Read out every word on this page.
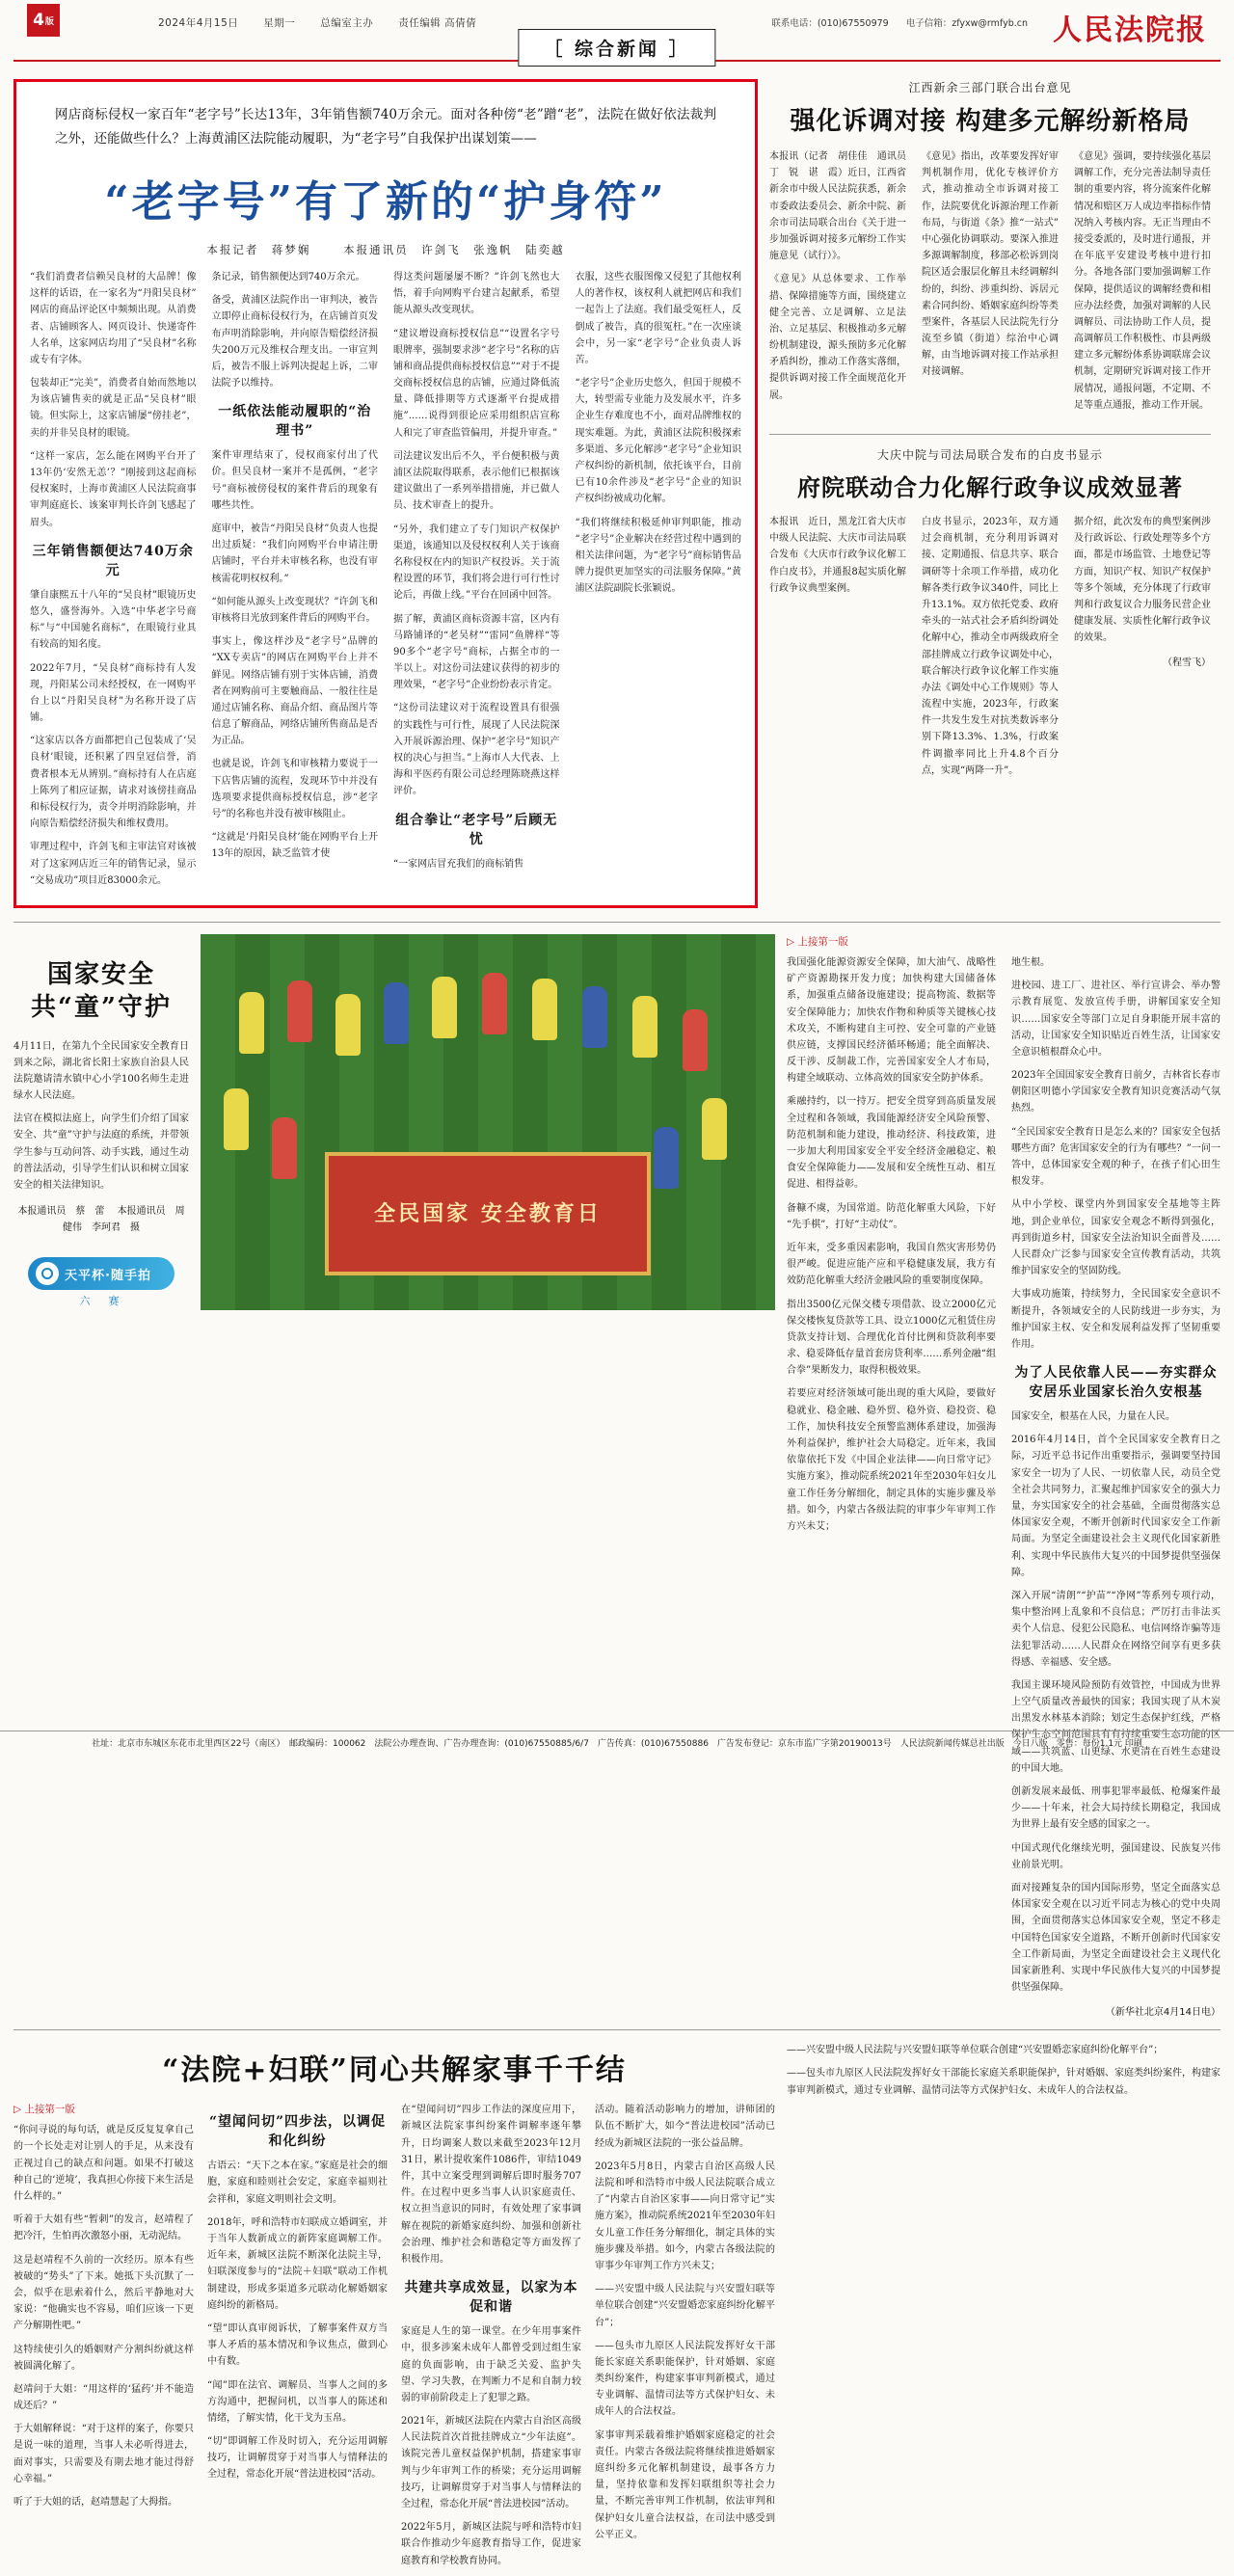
4 版	2024年4月15日 星期一 总编室主办 责任编辑 高倩倩	联系电话：(010)67550979 电子信箱：zfyxw@rmfyb.cn 人民法院报
［ 综合新闻 ］
网店商标侵权一家百年“老字号”长达13年，3年销售额740万余元。面对各种傍“老”蹭“老”，法院在做好依法裁判之外，还能做些什么？上海黄浦区法院能动履职，为“老字号”自我保护出谋划策——
“老字号”有了新的“护身符”
本报记者　蒋梦娴	本报通讯员　许剑飞　张逸帆　陆奕越

“我们消费者信赖吴良材的大品牌！像这样的话语，在一家名为“丹阳吴良材”网店的商品评论区中频频出现。从消费者、店铺顾客人、网页设计、快递寄件人名单，这家网店均用了“吴良材”名称或专有字体。

包装却正“完美”，消费者自始而然地以为该店铺售卖的就是正品“吴良材”眼镜。但实际上，这家店铺屡“傍挂老”，卖的并非吴良材的眼镜。

“这样一家店，怎么能在网购平台开了13年仍‘安然无恙’？”刚接到这起商标侵权案时，上海市黄浦区人民法院商事审判庭庭长、该案审判长许剑飞感起了眉头。

三年销售额便达740万余元

肇自康熙五十八年的“吴良材”眼镜历史悠久，盛誉海外。入选“中华老字号商标”与“中国驰名商标”，在眼镜行业具有较高的知名度。

2022年7月，“吴良材”商标持有人发现，丹阳某公司未经授权，在一网购平台上以“丹阳吴良材”为名称开设了店铺。

“这家店以各方面都把自己包装成了‘吴良材’眼镜，还积累了四皇冠信誉，消费者根本无从辨别。”商标持有人在店庭上陈列了相应证据，请求对该傍挂商品和标侵权行为，责令并明消除影响，并向原告赔偿经济损失和维权费用。

审理过程中，许剑飞和主审法官对该被对了这家网店近三年的销售记录，显示“交易成功”项目近83000余元。

条记录，销售额便达到740万余元。

备受，黄浦区法院作出一审判决，被告立即停止商标侵权行为，在店铺首页发布声明消除影响，并向原告赔偿经济损失200万元及维权合理支出。一审宣判后，被告不服上诉判决提起上诉，二审法院予以维持。

一纸依法能动履职的“治理书”

案件审理结束了，侵权商家付出了代价。但吴良材一案并不是孤例，“老字号”商标被傍侵权的案件背后的现象有哪些共性。

庭审中，被告“丹阳吴良材”负责人也提出过质疑：“我们向网购平台申请注册店铺时，平台并未审核名称，也没有审核需花明权权利。”

“如何能从源头上改变现状？”许剑飞和审核将目光放到案件背后的网购平台。

事实上，像这样沙及“老字号”品牌的“XX专卖店”的网店在网购平台上并不鲜见。网络店铺有别于实体店铺，消费者在网购前可主要触商品、一般往往是通过店铺名称、商品介绍、商品图片等信息了解商品，网络店铺所售商品是否为正品。

也就是说，许剑飞和审核精力要说于一下店售店铺的流程，发现环节中并没有选项要求提供商标授权信息，涉“老字号”的名称也并没有被审核阻止。

“这就是‘丹阳吴良材’能在网购平台上开13年的原因，缺乏监管才使

得这类问题屡屡不断？”许剑飞然也大悟，着手向网购平台建言起献系，希望能从源头改变现状。

“建议增设商标授权信息”“设置名字号眼牌率，强制要求涉“老字号”名称的店铺和商品提供商标授权信息”“对于不提交商标授权信息的店铺，应通过降低流量、降低排期等方式逐渐平台提成措施”……说得到很论应采用组织店宣称人和完了审查监管偏用，并提升审查。”

司法建议发出后不久，平台便积极与黄浦区法院取得联系，表示他们已根据该建议做出了一系列举措措施，并已做人员、技术审查上的提升。

“另外，我们建立了专门知识产权保护渠道，该通知以及侵权权利人关于该商名称侵权在内的知识产权投诉。关于流程设置的环节，我们将会进行可行性讨论后，再做上线。”平台在回函中回答。

据了解，黄浦区商标资源丰富，区内有马路铺译的“老吴材”“雷同”鱼牌样“等90多个“老字号”商标，占据全市的一半以上。对这份司法建议获得的初步的理效果，“老字号”企业纷纷表示肯定。

“这份司法建议对于流程设置具有很强的实践性与可行性，展现了人民法院深入开展诉源治理、保护“老字号”知识产权的决心与担当。”上海市人大代表、上海和平医药有限公司总经理陈晓燕这样评价。

组合拳让“老字号”后顾无忧

“一家网店冒充我们的商标销售

衣服，这些衣服图像又侵犯了其他权利人的著作权，该权利人就把网店和我们一起告上了法庭。我们最受冤枉人，反倒成了被告，真的很冤枉。”在一次座谈会中，另一家“老字号”企业负责人诉苦。

“老字号”企业历史悠久，但国于规模不大，转型需专业能力及发展水平，许多企业生存难度也不小，面对品牌维权的现实难题。为此，黄浦区法院积极探索多渠道、多元化解涉“老字号”企业知识产权纠纷的新机制，依托该平台，目前已有10余件涉及“老字号”企业的知识产权纠纷被成功化解。

“我们将继续积极延伸审判职能，推动“老字号”企业解决在经营过程中遇到的相关法律问题，为“老字号”商标销售品牌力提供更加坚实的司法服务保障。”黄浦区法院副院长张颖说。

江西新余三部门联合出台意见
强化诉调对接 构建多元解纷新格局

本报讯（记者　胡佳佳　通讯员　丁　锐　谌　霞）近日，江西省新余市中级人民法院获悉，新余市委政法委员会、新余中院、新余市司法局联合出台《关于进一步加强诉调对接多元解纷工作实施意见（试行）》。

《意见》从总体要求、工作举措、保障措施等方面，围绕建立健全完善、立足调解、立足法治、立足基层、积极推动多元解纷机制建设，源头预防多元化解矛盾纠纷，推动工作落实落细，提供诉调对接工作全面规范化开展。

《意见》指出，改革要发挥好审判机制作用，优化专核评价方式，推动推动全市诉调对接工作，法院要优化诉源治理工作新布局，与街道《条》推“一站式”中心强化协调联动。要深入推进多源调解制度，移部必松诉到岗院区适会服层化解且未经调解纠纷的，纠纷、涉重纠纷、诉居元素合同纠纷、婚姻家庭纠纷等类型案件，各基层人民法院先行分流至乡镇（街道）综治中心调解，由当地诉调对接工作站承担对接调解。

《意见》强调，要持续强化基层调解工作，充分完善法制导责任制的重要内容，将分流案件化解情况和赔区万人成边率指标作情况纳入考核内容。无正当理由不接受委派的，及时进行通报，并在年底平安建设考核中进行扣分。各地各部门要加强调解工作保障，提供适议的调解经费和相应办法经费，加强对调解的人民调解员、司法协助工作人员，提高调解员工作积极性、市县两级建立多元解纷体系协调联席会议机制，定期研究诉调对接工作开展情况，通报问题，不定期、不足等重点通报，推动工作开展。

大庆中院与司法局联合发布的白皮书显示
府院联动合力化解行政争议成效显著

本报讯　近日，黑龙江省大庆市中级人民法院、大庆市司法局联合发布《大庆市行政争议化解工作白皮书》，并通报8起实质化解行政争议典型案例。

白皮书显示，2023年，双方通过会商机制，充分利用诉调对接、定期通报、信息共享、联合调研等十余项工作举措，成功化解各类行政争议340件，同比上升13.1%。双方依托党委、政府牵头的一站式社会矛盾纠纷调处化解中心，推动全市两级政府全部挂牌成立行政争议调处中心，联合解决行政争议化解工作实施办法《调处中心工作规则》等人流程中实施，2023年，行政案件一共发生发生对抗类数诉率分别下降13.3%、1.3%，行政案件调撤率同比上升4.8个百分点，实现“两降一升”。

据介绍，此次发布的典型案例涉及行政诉讼、行政处理等多个方面，都是市场监管、土地登记等方面，知识产权、知识产权保护等多个领域，充分体现了行政审判和行政复议合力服务民营企业健康发展、实质性化解行政争议的效果。

（程雪飞）
国家安全
共“童”守护

4月11日，在第九个全民国家安全教育日到来之际，湖北省长阳土家族自治县人民法院邀请清水镇中心小学100名师生走进绿水人民法庭。

法官在模拟法庭上，向学生们介绍了国家安全、共“童”守护与法庭的系统，并带领学生参与互动问答、动手实践，通过生动的普法活动，引导学生们认识和树立国家安全的相关法律知识。

本报通讯员　蔡　蕾　 本报通讯员　周健伟　李珂君　摄
天平杯·随手拍
六　赛
全民国家 安全教育日
▷ 上接第一版

我国强化能源资源安全保障，加大油气、战略性矿产资源勘探开发力度；加快构建大国储备体系，加强重点储备设施建设；提高物流、数据等安全保障能力；加快农作物和种质等关键核心技术攻关，不断构建自主可控、安全可靠的产业链供应链，支撑国民经济循环畅通；能全面解决、反干涉、反制裁工作，完善国家安全人才布局，构建全域联动、立体高效的国家安全防护体系。

乘融持约，以一持万。把安全贯穿到高质量发展全过程和各领域，我国能源经济安全风险预警、防范机制和能力建设，推动经济、科技政策，进一步加大利用国家安全平安全经济金融稳定、粮食安全保障能力——发展和安全统性互动、相互促进、相得益彰。

备糠不虞，为国常道。防范化解重大风险，下好“先手棋”，打好“主动仗”。

近年来，受多重因素影响，我国自然灾害形势仍很严峻。促进应能产应和平稳健康发展，我方有效防范化解重大经济金融风险的重要制度保障。

指出3500亿元保交楼专项借款、设立2000亿元保交楼恢复贷款等工具、设立1000亿元租赁住房贷款支持计划、合理优化首付比例和贷款利率要求、稳妥降低存量首套房贷利率……系列金融“组合拳”果断发力，取得积极效果。

若要应对经济领域可能出现的重大风险，要做好稳就业、稳金融、稳外贸、稳外资、稳投资、稳工作，加快科技安全预警监测体系建设，加强海外利益保护，维护社会大局稳定。近年来，我国依靠依托下发《中国企业法律——向日常守记》实施方案》，推动院系统2021年至2030年妇女儿童工作任务分解细化，制定具体的实施步骤及举措。如今，内蒙古各级法院的审事少年审判工作方兴未艾；

地生根。

进校园、进工厂、进社区、举行宣讲会、举办警示教育展览、发放宣传手册，讲解国家安全知识……国家安全等部门立足自身职能开展丰富的活动，让国家安全知识贴近百姓生活，让国家安全意识植根群众心中。

2023年全国国家安全教育日前夕，吉林省长春市朝阳区明德小学国家安全教育知识竞赛活动气氛热烈。

“全民国家安全教育日是怎么来的？国家安全包括哪些方面？危害国家安全的行为有哪些？”一问一答中，总体国家安全观的种子，在孩子们心田生根发芽。

从中小学校、课堂内外到国家安全基地等主阵地，到企业单位，国家安全观念不断得到强化，再到街道乡村，国家安全法治知识全面普及……人民群众广泛参与国家安全宣传教育活动，共筑维护国家安全的坚固防线。

大事成功施策，持续努力，全民国家安全意识不断提升，各领域安全的人民防线进一步夯实，为维护国家主权、安全和发展利益发挥了坚韧重要作用。

为了人民依靠人民——夯实群众安居乐业国家长治久安根基

国家安全，根基在人民，力量在人民。

2016年4月14日，首个全民国家安全教育日之际，习近平总书记作出重要指示，强调要坚持国家安全一切为了人民、一切依靠人民，动员全党全社会共同努力，汇聚起维护国家安全的强大力量，夯实国家安全的社会基础，全面贯彻落实总体国家安全观，不断开创新时代国家安全工作新局面。为坚定全面建设社会主义现代化国家新胜利、实现中华民族伟大复兴的中国梦提供坚强保障。

深入开展“清朗”“护苗”“净网”等系列专项行动，集中整治网上乱象和不良信息；严厉打击非法买卖个人信息、侵犯公民隐私、电信网络诈骗等违法犯罪活动……人民群众在网络空间享有更多获得感、幸福感、安全感。

我国主课环境风险预防有效管控，中国成为世界上空气质量改善最快的国家；我国实现了从木炭出黑发水林基本消除；划定生态保护红线，严格保护生态空间范围具有有持续重要生态功能的区域——共筑蓝、山更绿、水更清在百姓生态建设的中国大地。

创新发展来最低、刑事犯罪率最低、枪爆案件最少——十年来，社会大局持续长期稳定，我国成为世界上最有安全感的国家之一。

中国式现代化继续光明，强国建设、民族复兴伟业前景光明。

面对接踵复杂的国内国际形势，坚定全面落实总体国家安全观在以习近平同志为核心的党中央周围，全面贯彻落实总体国家安全观，坚定不移走中国特色国家安全道路，不断开创新时代国家安全工作新局面，为坚定全面建设社会主义现代化国家新胜利、实现中华民族伟大复兴的中国梦提供坚强保障。

（新华社北京4月14日电）
“法院+妇联”同心共解家事千千结
▷ 上接第一版

“你问寻说的每句话，就是反反复复拿自己的一个长处走对让别人的手足，从来没有正视过自己的缺点和问题。如果不打破这种自己的‘逆境’，我真担心你接下来生活是什么样的。”

听着于大姐有些“暂刺”的发言，赵靖程了把冷汗，生怕再次激怒小丽，无动泥结。

这是赵靖程不久前的一次经历。原本有些被破的“势头”了下来。她抵下头沉默了一会，似乎在思索着什么，然后平静地对大家说：“他确实也不容易，咱们应该一下更产分解期性吧。”

这特续使引久的婚姻财产分割纠纷就这样被圆满化解了。

赵靖问于大姐：“用这样的‘猛药’并不能造成还后？”

于大姐解释说：“对于这样的案子，你要只是说一味的道理，当事人未必听得进去，面对事实，只需要及有期去地才能过得舒心幸福。”

听了于大姐的话，赵靖慧起了大拇指。

“望闻问切”四步法，以调促和化纠纷

古语云：“天下之本在家。”家庭是社会的细胞，家庭和睦则社会安定，家庭幸福则社会祥和，家庭文明则社会文明。

2018年，呼和浩特市妇联成立婚调室，并于当年人数新成立的新阵家庭调解工作。近年来，新城区法院不断深化法院主导，妇联深度参与的“法院＋妇联”联动工作机制建设，形成多渠道多元联动化解婚姻家庭纠纷的新格局。

“望”即认真审阅诉状，了解事案件双方当事人矛盾的基本情况和争议焦点，做到心中有数。

“闻”即在法官、调解员、当事人之间的多方沟通中，把握问机，以当事人的陈述和情绪，了解实情，化干戈为玉帛。

“切”即调解工作及时切入，充分运用调解技巧，让调解贯穿于对当事人与情释法的全过程，常态化开展“普法进校园”活动。

在“望闻问切”四步工作法的深度应用下，新城区法院家事纠纷案件调解率逐年攀升，日均调案人数以来截至2023年12月31日，累计提收案件1086件，审结1049件，其中立案受理到调解后即时服务707件。在过程中更多当事人认识家庭责任、权立担当意识的同时，有效处理了家事调解在视院的新婚家庭纠纷、加强和创新社会治理、维护社会和谐稳定等方面发挥了积极作用。

共建共享成效显，以家为本促和谐

家庭是人生的第一课堂。在少年用事案件中，很多涉案未成年人都曾受到过组生家庭的负面影响，由于缺乏关爱、监护失望、学习失教，在判断力不足和自制力较弱的审前阶段走上了犯罪之路。

2021年，新城区法院在内蒙古自治区高级人民法院首次首批挂牌成立“少年法庭”。该院完善儿童权益保护机制，搭建家事审判与少年审判工作的桥梁；充分运用调解技巧，让调解贯穿于对当事人与情释法的全过程，常态化开展“普法进校园”活动。

2022年5月，新城区法院与呼和浩特市妇联合作推动少年庭教育指导工作，促进家庭教育和学校教育协同。

活动。随着活动影响力的增加，讲师团的队伍不断扩大，如今“普法进校园”活动已经成为新城区法院的一张公益品牌。

2023年5月8日，内蒙古自治区高级人民法院和呼和浩特市中级人民法院联合成立了“内蒙古自治区家事——向日常守记”实施方案》，推动院系统2021年至2030年妇女儿童工作任务分解细化，制定具体的实施步骤及举措。如今，内蒙古各级法院的审事少年审判工作方兴未艾；

——兴安盟中级人民法院与兴安盟妇联等单位联合创建“兴安盟婚恋家庭纠纷化解平台”；

——包头市九原区人民法院发挥好女干部能长家庭关系职能保护，针对婚姻、家庭类纠纷案件，构建家事审判新模式，通过专业调解、温情司法等方式保护妇女、未成年人的合法权益。

家事审判采载着维护婚姻家庭稳定的社会责任。内蒙古各级法院将继续推进婚姻家庭纠纷多元化解机制建设，最事各方力量，坚持依靠和发挥妇联组织等社会力量，不断完善审判工作机制，依法审判和保护妇女儿童合法权益，在司法中感受到公平正义。

——兴安盟中级人民法院与兴安盟妇联等单位联合创建“兴安盟婚恋家庭纠纷化解平台”；

——包头市九原区人民法院发挥好女干部能长家庭关系职能保护，针对婚姻、家庭类纠纷案件，构建家事审判新模式，通过专业调解、温情司法等方式保护妇女、未成年人的合法权益。

社址：北京市东城区东花市北里西区22号（南区）　邮政编码：100062　法院公办理查询、广告办理查询：(010)67550885/6/7　广告传真：(010)67550886　广告发布登记：京东市监广字第20190013号　人民法院新闻传媒总社出版　今日八版　零售：每份1.1元 印刷
